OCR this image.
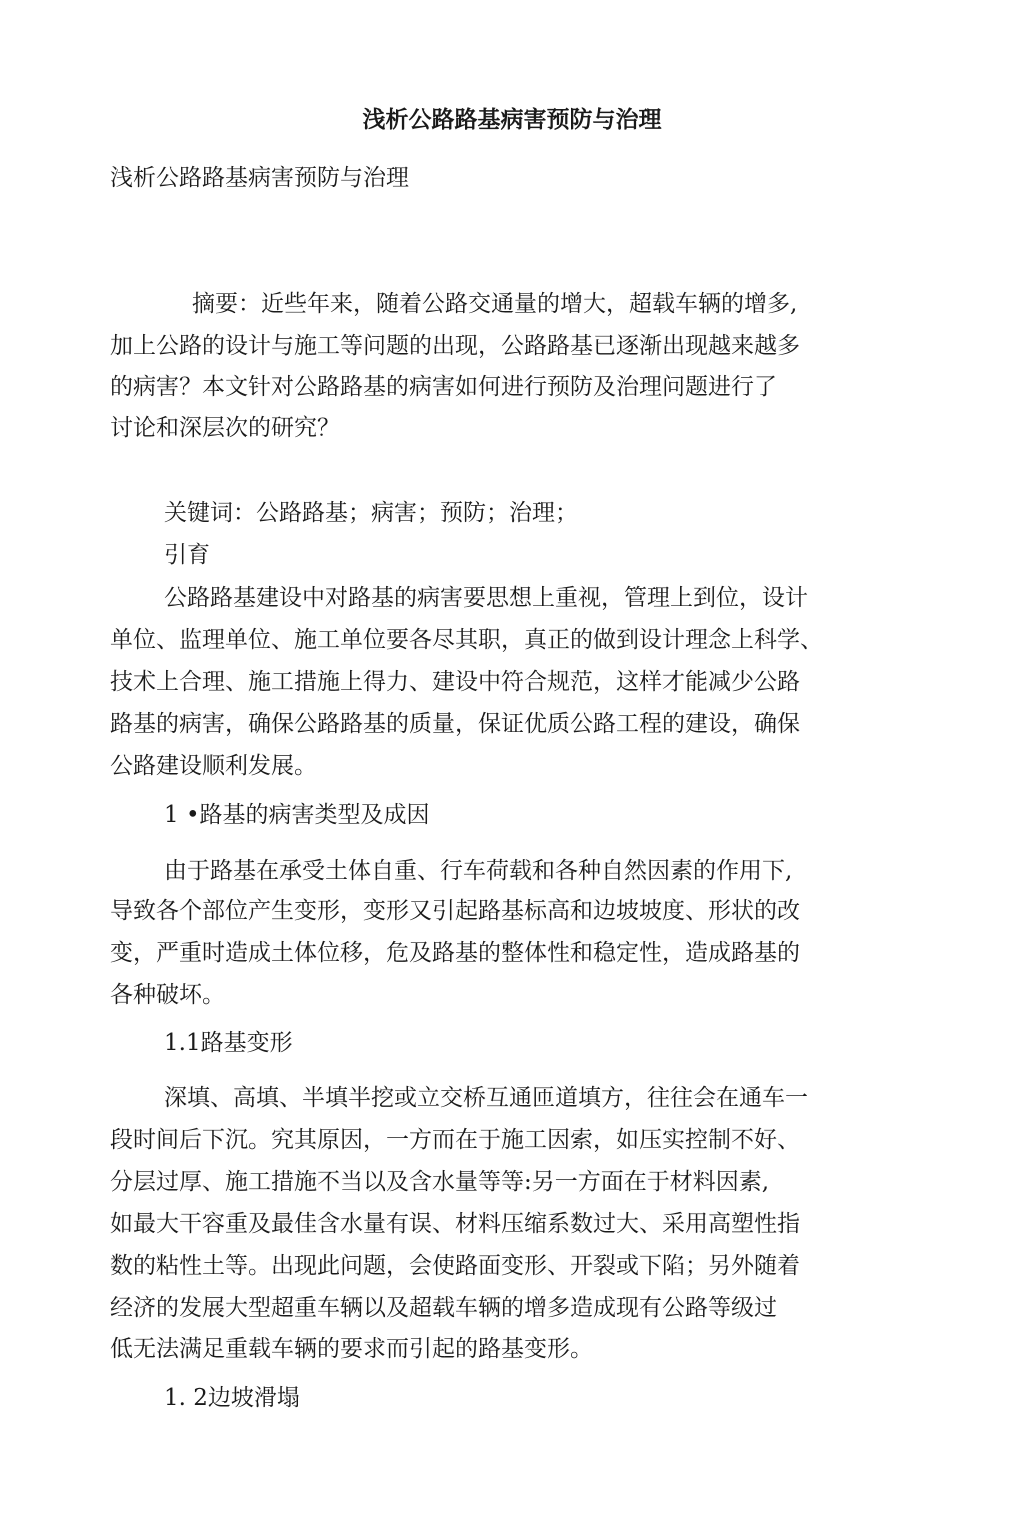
浅析公路路基病害预防与治理

浅析公路路基病害预防与治理

摘要：近些年来，随着公路交通量的增大，超载车辆的增多,

加上公路的设计与施工等问题的出现，公路路基已逐渐出现越来越多

的病害？本文针对公路路基的病害如何进行预防及治理问题进行了

讨论和深层次的研究？

关键词：公路路基；病害；预防；治理；

引育

公路路基建设中对路基的病害要思想上重视，管理上到位，设计

单位、监理单位、施工单位要各尽其职，真正的做到设计理念上科学、

技术上合理、施工措施上得力、建设中符合规范，这样才能减少公路

路基的病害，确保公路路基的质量，保证优质公路工程的建设，确保

公路建设顺利发展。

1 •路基的病害类型及成因

由于路基在承受土体自重、行车荷载和各种自然因素的作用下,

导致各个部位产生变形，变形又引起路基标高和边坡坡度、形状的改

变，严重时造成土体位移，危及路基的整体性和稳定性，造成路基的

各种破坏。

1.1路基变形

深填、高填、半填半挖或立交桥互通匝道填方，往往会在通车一

段时间后下沉。究其原因，一方而在于施工因索，如压实控制不好、

分层过厚、施工措施不当以及含水量等等:另一方面在于材料因素,

如最大干容重及最佳含水量有误、材料压缩系数过大、采用高塑性指

数的粘性土等。出现此问题，会使路面变形、开裂或下陷；另外随着

经济的发展大型超重车辆以及超载车辆的增多造成现有公路等级过

低无法满足重载车辆的要求而引起的路基变形。

1. 2边坡滑塌
